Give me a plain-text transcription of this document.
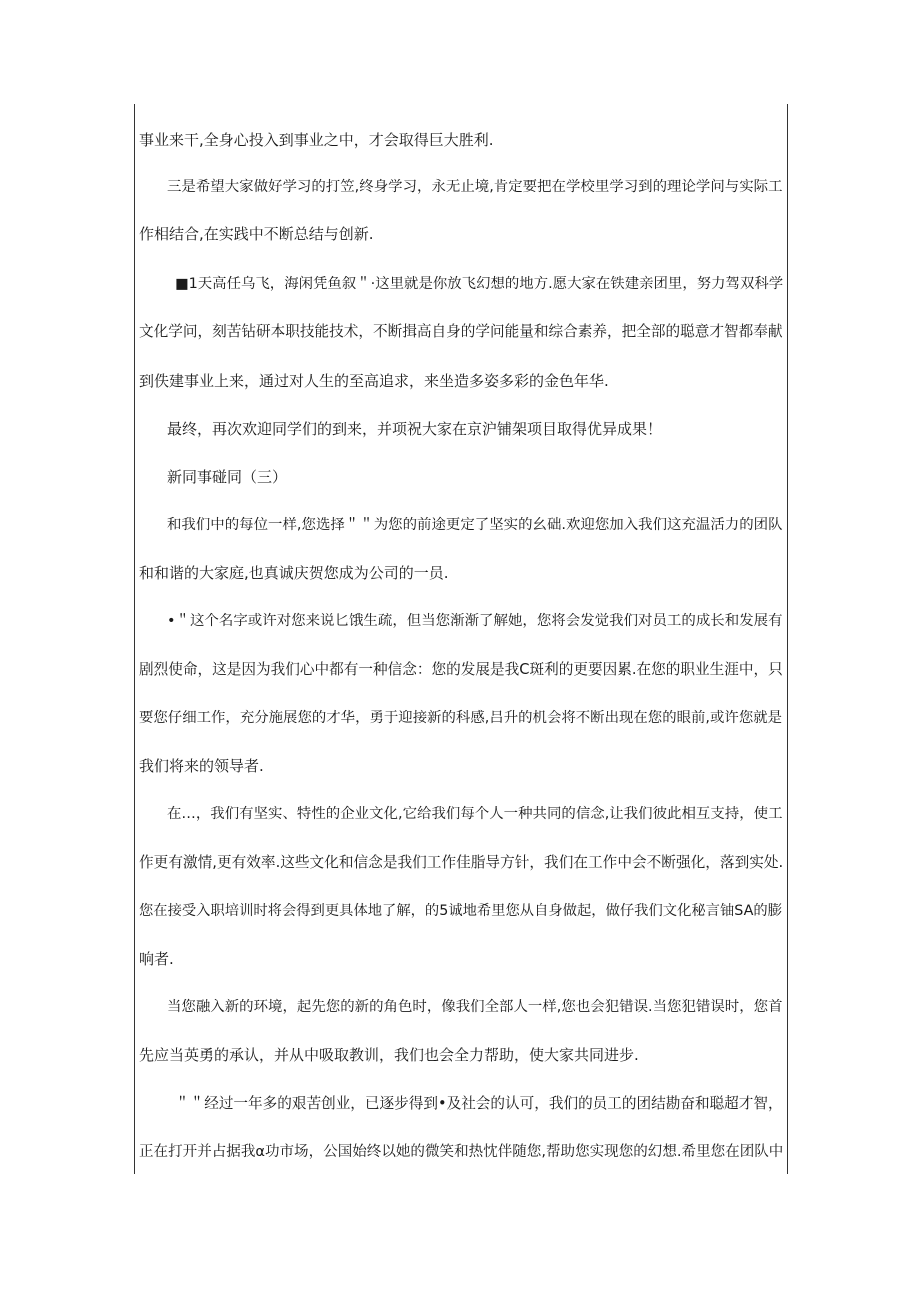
事业来干,全身心投入到事业之中，才会取得巨大胜利.
三是希望大家做好学习的打笠,终身学习，永无止境,肯定要把在学校里学习到的理论学问与实际工
作相结合,在实践中不断总结与创新.
■1天高任乌飞，海闲凭鱼叙＂·这里就是你放飞幻想的地方.愿大家在铁建亲团里，努力驾双科学
文化学问，刻苦钻研本职技能技术，不断揖高自身的学问能量和综合素养，把全部的聪意才智都奉献
到佚建事业上来，通过对人生的至高追求，来坐造多姿多彩的金色年华.
最终，再次欢迎同学们的到来，并项祝大家在京沪铺架项目取得优异成果！
新同事碰同（三）
和我们中的每位一样,您选择＂＂为您的前途更定了坚实的幺础.欢迎您加入我们这充温活力的团队
和和谐的大家庭,也真诚庆贺您成为公司的一员.
•＂这个名字或许对您来说匕饿生疏，但当您渐渐了解她，您将会发觉我们对员工的成长和发展有
剧烈使命，这是因为我们心中都有一种信念：您的发展是我C斑利的更要因累.在您的职业生涯中，只
要您仔细工作，充分施展您的才华，勇于迎接新的科感,吕升的机会将不断出现在您的眼前,或许您就是
我们将来的领导者.
在…，我们有坚实、特性的企业文化,它给我们每个人一种共同的信念,让我们彼此相互支持，使工
作更有激情,更有效率.这些文化和信念是我们工作佳脂导方针，我们在工作中会不断强化，落到实处.
您在接受入职培训时将会得到更具体地了解，的5诚地希里您从自身做起，做仔我们文化秘言铀SA的膨
响者.
当您融入新的环境，起先您的新的角色时，像我们全部人一样,您也会犯错误.当您犯错误时，您首
先应当英勇的承认，并从中吸取教训，我们也会全力帮助，使大家共同进步.
＂＂经过一年多的艰苦创业，已逐步得到•及社会的认可，我们的员工的团结勘奋和聪超才智，
正在打开并占据我α功市场，公国始终以她的微笑和热忱伴随您,帮助您实现您的幻想.希里您在团队中
